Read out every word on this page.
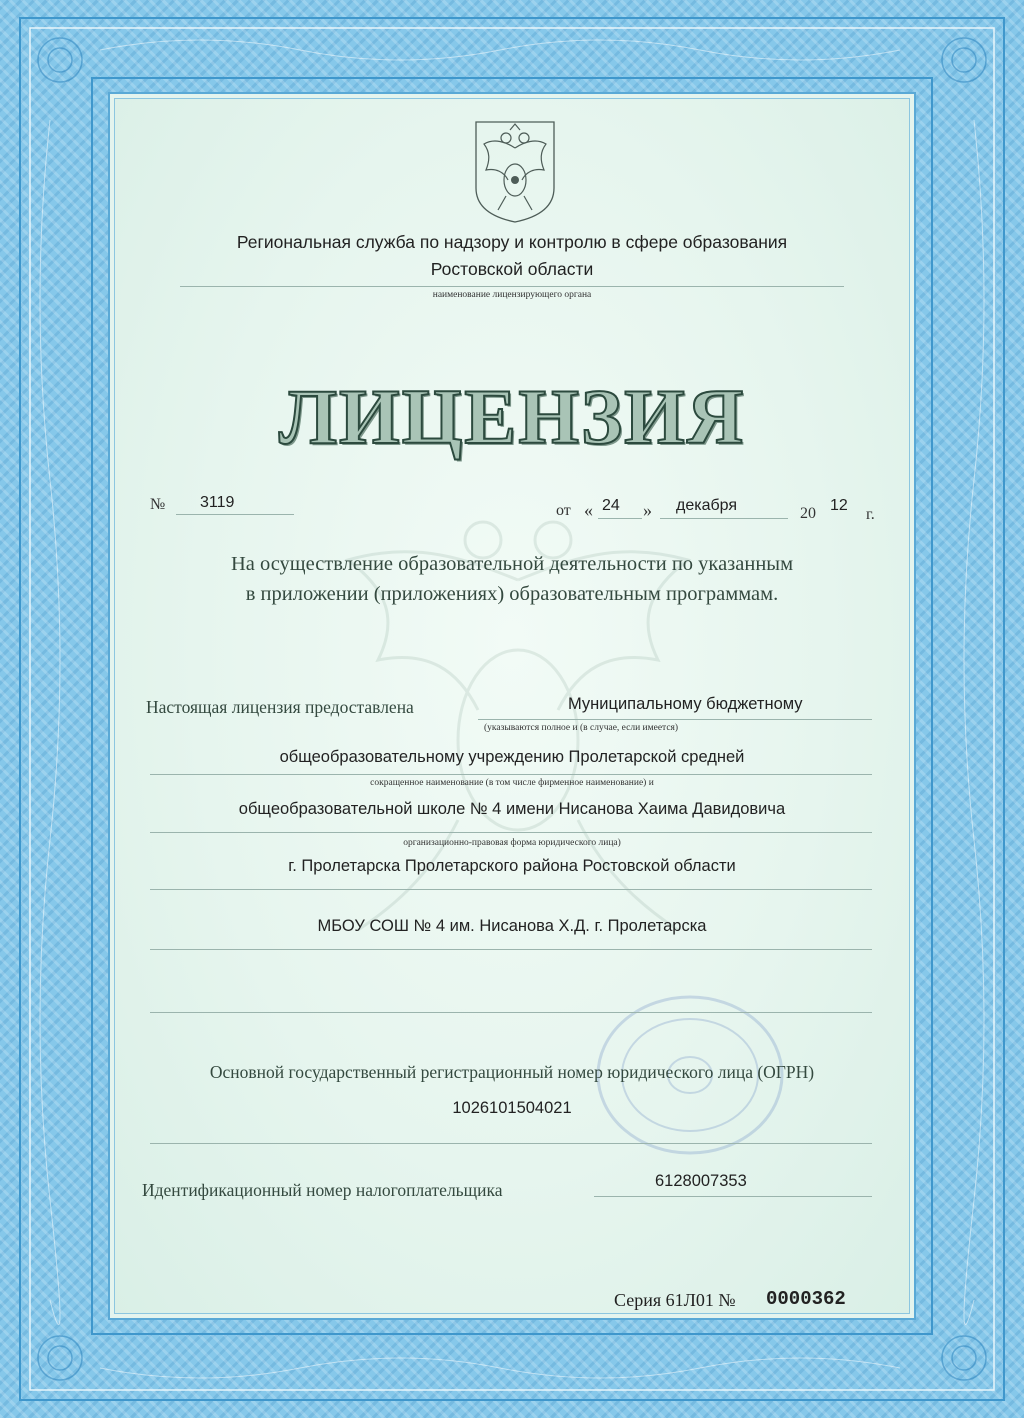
Региональная служба по надзору и контролю в сфере образования
Ростовской области
наименование лицензирующего органа
ЛИЦЕНЗИЯ
№ 3119	от « 24 » декабря	20 12
г.
На осуществление образовательной деятельности по указанным
в приложении (приложениях) образовательным программам.
Настоящая лицензия предоставлена	Муниципальному бюджетному
(указываются полное и (в случае, если имеется)
общеобразовательному учреждению Пролетарской средней
сокращенное наименование (в том числе фирменное наименование) и
общеобразовательной школе № 4 имени Нисанова Хаима Давидовича
организационно-правовая форма юридического лица)
г. Пролетарска Пролетарского района Ростовской области
МБОУ СОШ № 4 им. Нисанова Х.Д. г. Пролетарска
Основной государственный регистрационный номер юридического лица (ОГРН)
1026101504021
Идентификационный номер налогоплательщика	6128007353
Серия 61Л01 № 0000362
